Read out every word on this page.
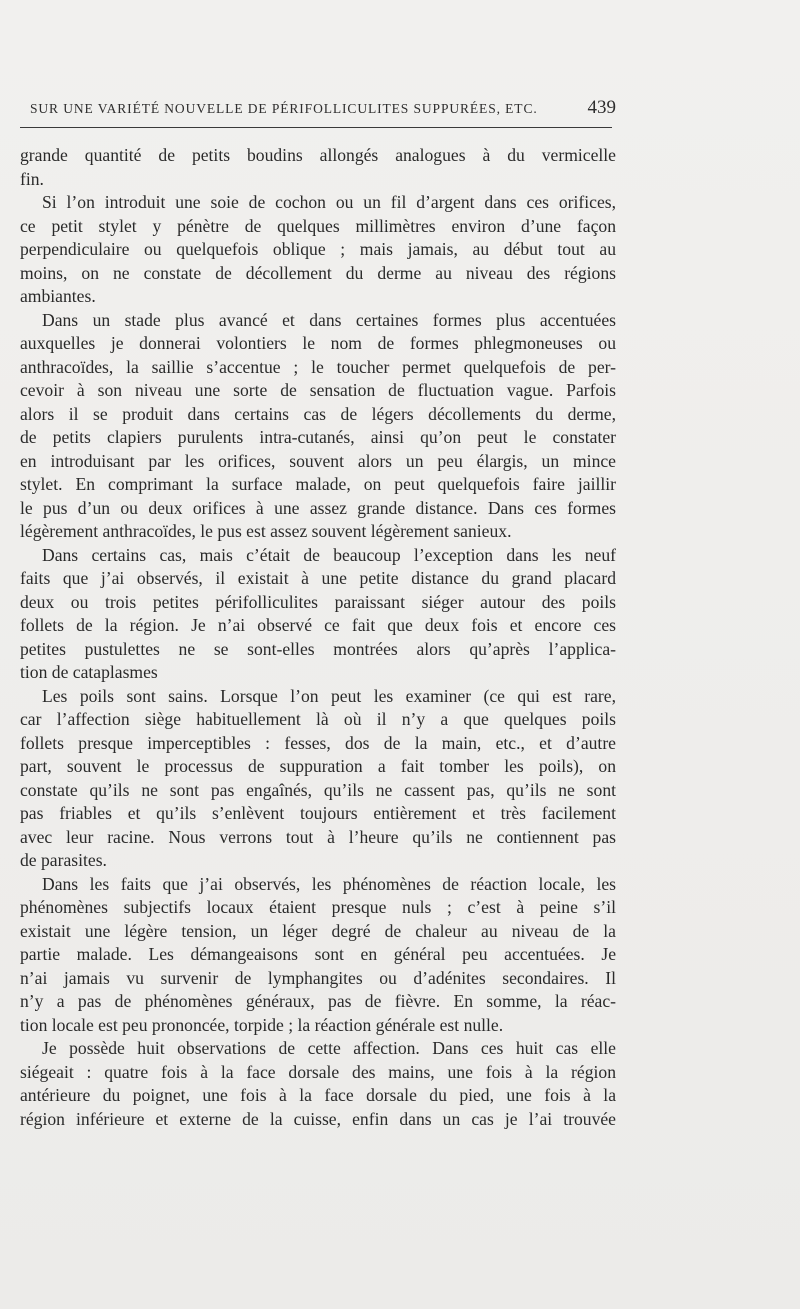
SUR UNE VARIÉTÉ NOUVELLE DE PÉRIFOLLICULITES SUPPURÉES, ETC.	439
grande quantité de petits boudins allongés analogues à du vermicelle
fin.
Si l’on introduit une soie de cochon ou un fil d’argent dans ces orifices,
ce petit stylet y pénètre de quelques millimètres environ d’une façon
perpendiculaire ou quelquefois oblique ; mais jamais, au début tout au
moins, on ne constate de décollement du derme au niveau des régions
ambiantes.
Dans un stade plus avancé et dans certaines formes plus accentuées
auxquelles je donnerai volontiers le nom de formes phlegmoneuses ou
anthracoïdes, la saillie s’accentue ; le toucher permet quelquefois de per-
cevoir à son niveau une sorte de sensation de fluctuation vague. Parfois
alors il se produit dans certains cas de légers décollements du derme,
de petits clapiers purulents intra-cutanés, ainsi qu’on peut le constater
en introduisant par les orifices, souvent alors un peu élargis, un mince
stylet. En comprimant la surface malade, on peut quelquefois faire jaillir
le pus d’un ou deux orifices à une assez grande distance. Dans ces formes
légèrement anthracoïdes, le pus est assez souvent légèrement sanieux.
Dans certains cas, mais c’était de beaucoup l’exception dans les neuf
faits que j’ai observés, il existait à une petite distance du grand placard
deux ou trois petites périfolliculites paraissant siéger autour des poils
follets de la région. Je n’ai observé ce fait que deux fois et encore ces
petites pustulettes ne se sont-elles montrées alors qu’après l’applica-
tion de cataplasmes
Les poils sont sains. Lorsque l’on peut les examiner (ce qui est rare,
car l’affection siège habituellement là où il n’y a que quelques poils
follets presque imperceptibles : fesses, dos de la main, etc., et d’autre
part, souvent le processus de suppuration a fait tomber les poils), on
constate qu’ils ne sont pas engaînés, qu’ils ne cassent pas, qu’ils ne sont
pas friables et qu’ils s’enlèvent toujours entièrement et très facilement
avec leur racine. Nous verrons tout à l’heure qu’ils ne contiennent pas
de parasites.
Dans les faits que j’ai observés, les phénomènes de réaction locale, les
phénomènes subjectifs locaux étaient presque nuls ; c’est à peine s’il
existait une légère tension, un léger degré de chaleur au niveau de la
partie malade. Les démangeaisons sont en général peu accentuées. Je
n’ai jamais vu survenir de lymphangites ou d’adénites secondaires. Il
n’y a pas de phénomènes généraux, pas de fièvre. En somme, la réac-
tion locale est peu prononcée, torpide ; la réaction générale est nulle.
Je possède huit observations de cette affection. Dans ces huit cas elle
siégeait : quatre fois à la face dorsale des mains, une fois à la région
antérieure du poignet, une fois à la face dorsale du pied, une fois à la
région inférieure et externe de la cuisse, enfin dans un cas je l’ai trouvée
